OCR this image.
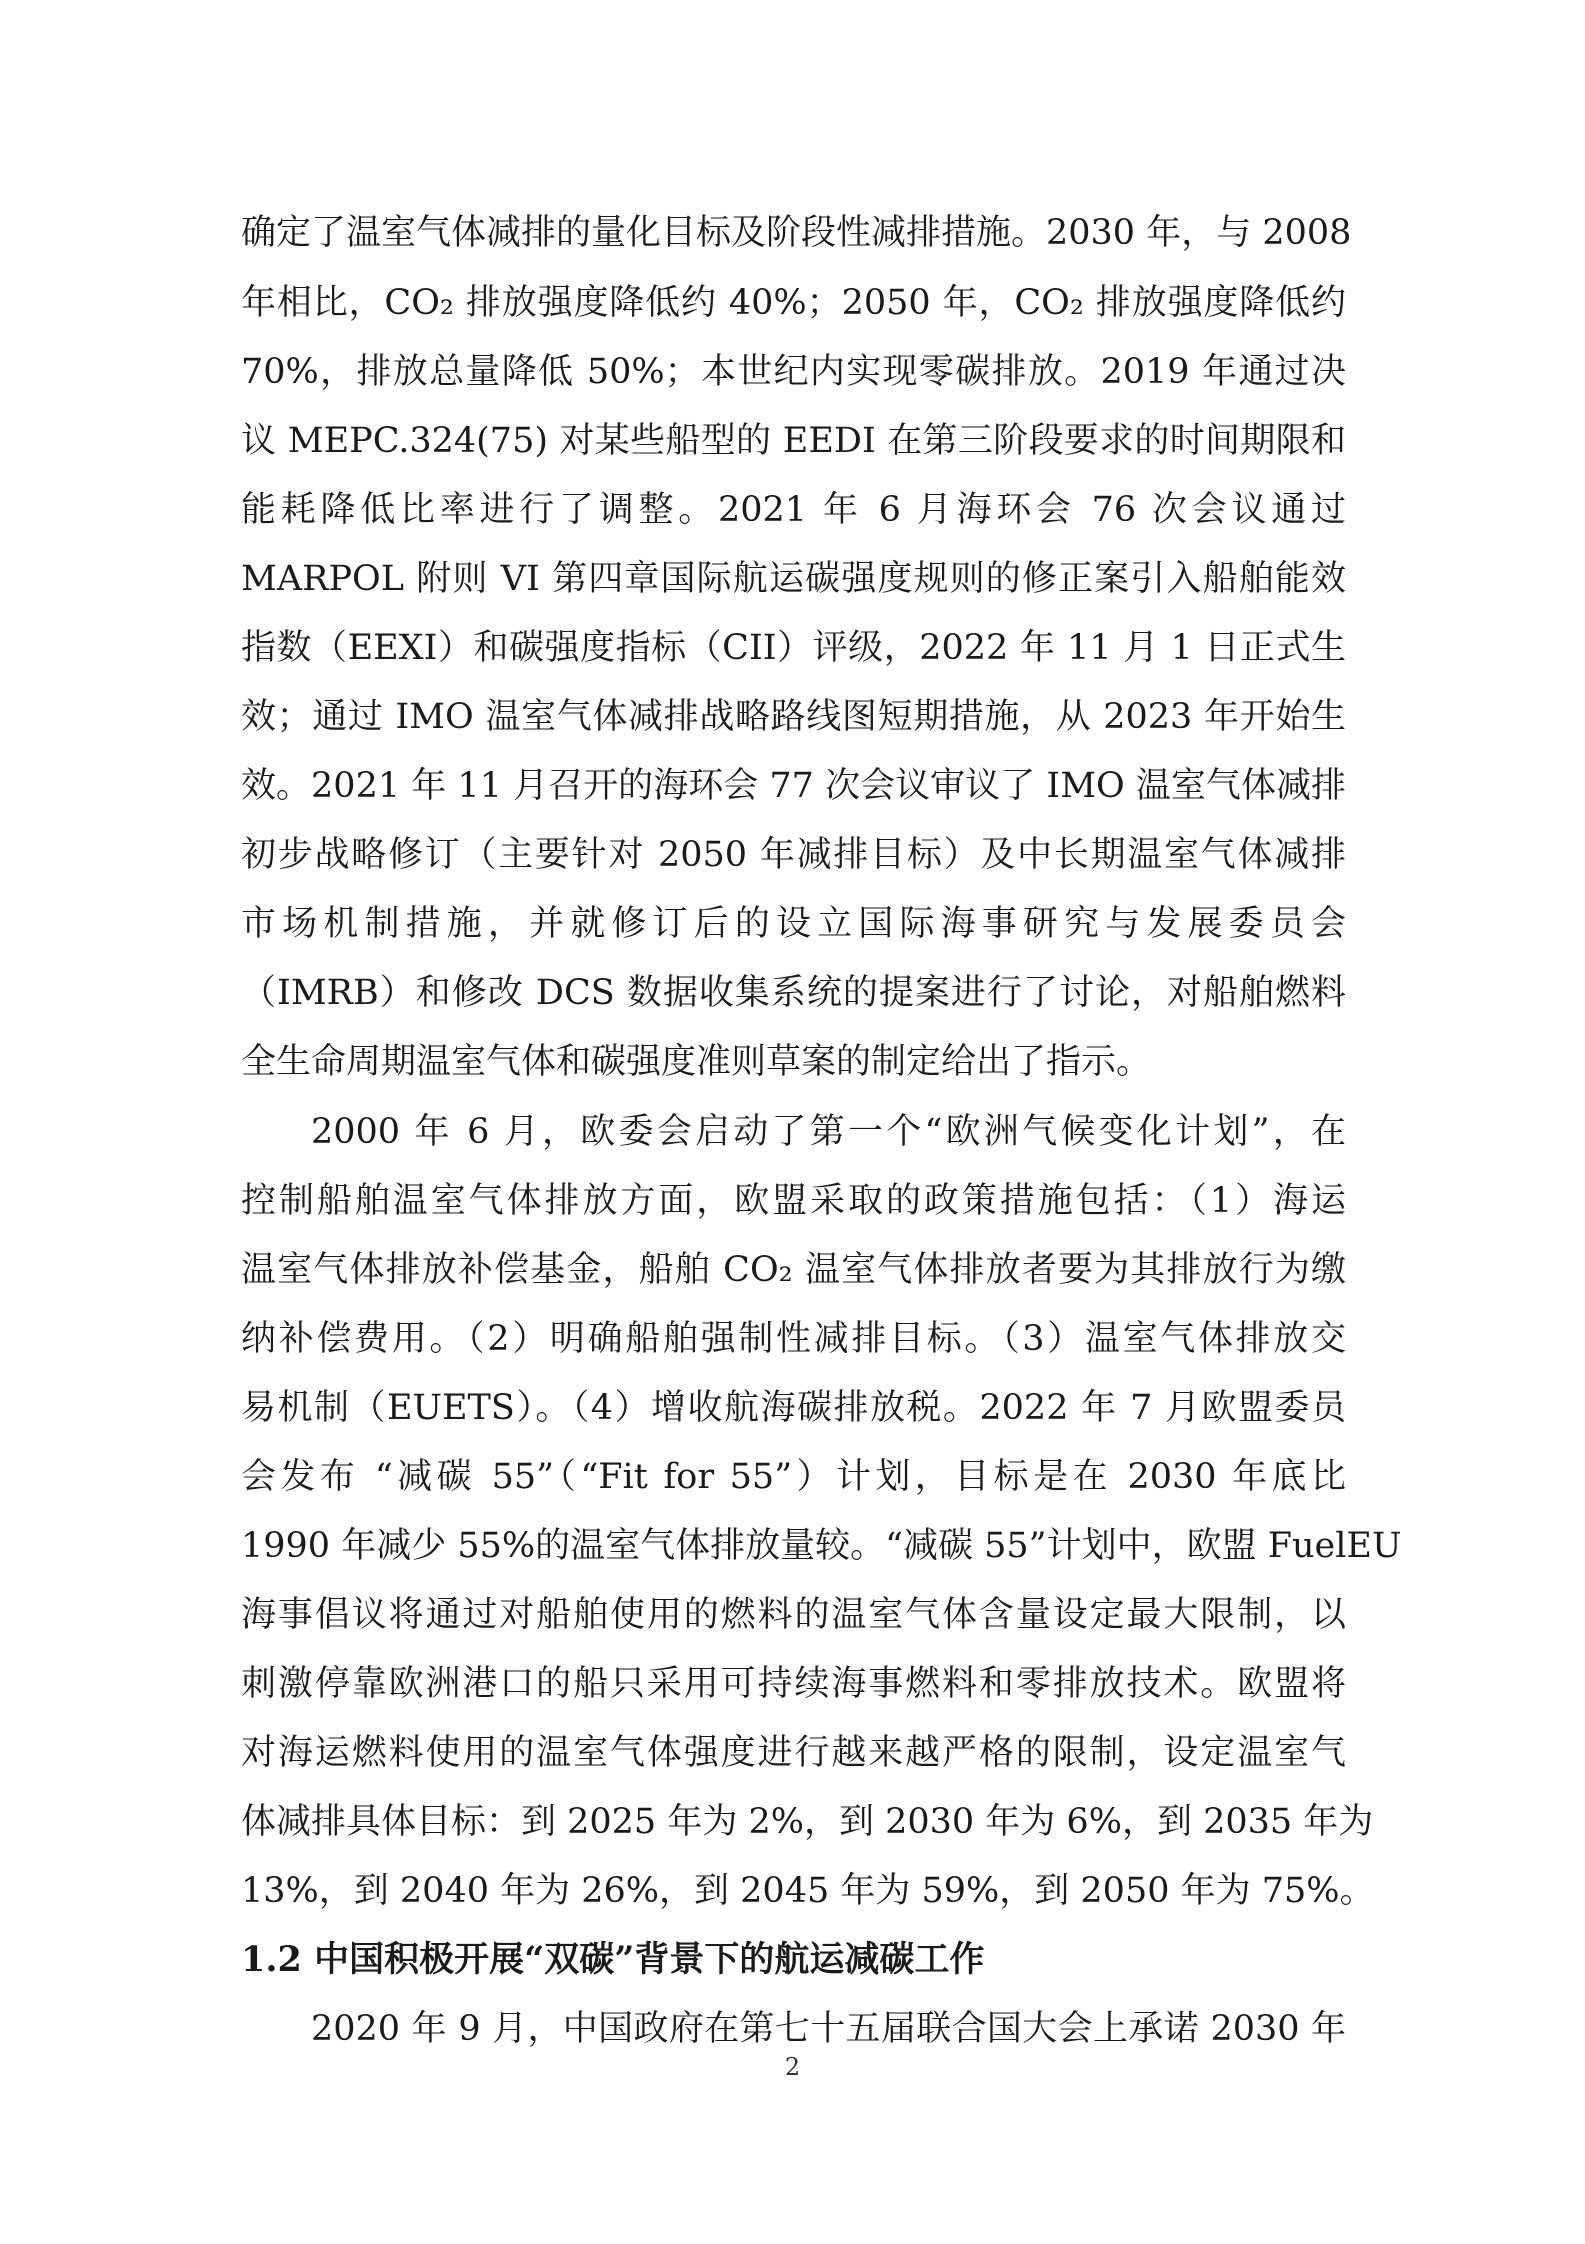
确定了温室气体减排的量化目标及阶段性减排措施。2030 年，与 2008
年相比，CO₂ 排放强度降低约 40%；2050 年，CO₂ 排放强度降低约
70%，排放总量降低 50%；本世纪内实现零碳排放。2019 年通过决
议 MEPC.324(75) 对某些船型的 EEDI 在第三阶段要求的时间期限和
能耗降低比率进行了调整。2021 年 6 月海环会 76 次会议通过
MARPOL 附则 VI 第四章国际航运碳强度规则的修正案引入船舶能效
指数（EEXI）和碳强度指标（CII）评级，2022 年 11 月 1 日正式生
效；通过 IMO 温室气体减排战略路线图短期措施，从 2023 年开始生
效。2021 年 11 月召开的海环会 77 次会议审议了 IMO 温室气体减排
初步战略修订（主要针对 2050 年减排目标）及中长期温室气体减排
市场机制措施，并就修订后的设立国际海事研究与发展委员会
（IMRB）和修改 DCS 数据收集系统的提案进行了讨论，对船舶燃料
全生命周期温室气体和碳强度准则草案的制定给出了指示。
2000 年 6 月，欧委会启动了第一个“欧洲气候变化计划”，在
控制船舶温室气体排放方面，欧盟采取的政策措施包括：（1）海运
温室气体排放补偿基金，船舶 CO₂ 温室气体排放者要为其排放行为缴
纳补偿费用。（2）明确船舶强制性减排目标。（3）温室气体排放交
易机制（EUETS）。（4）增收航海碳排放税。2022 年 7 月欧盟委员
会发布 “减碳 55”（“Fit for 55”）计划，目标是在 2030 年底比
1990 年减少 55%的温室气体排放量较。“减碳 55”计划中，欧盟 FuelEU
海事倡议将通过对船舶使用的燃料的温室气体含量设定最大限制，以
刺激停靠欧洲港口的船只采用可持续海事燃料和零排放技术。欧盟将
对海运燃料使用的温室气体强度进行越来越严格的限制，设定温室气
体减排具体目标：到 2025 年为 2%，到 2030 年为 6%，到 2035 年为
13%，到 2040 年为 26%，到 2045 年为 59%，到 2050 年为 75%。
1.2 中国积极开展“双碳”背景下的航运减碳工作
2020 年 9 月，中国政府在第七十五届联合国大会上承诺 2030 年
2
